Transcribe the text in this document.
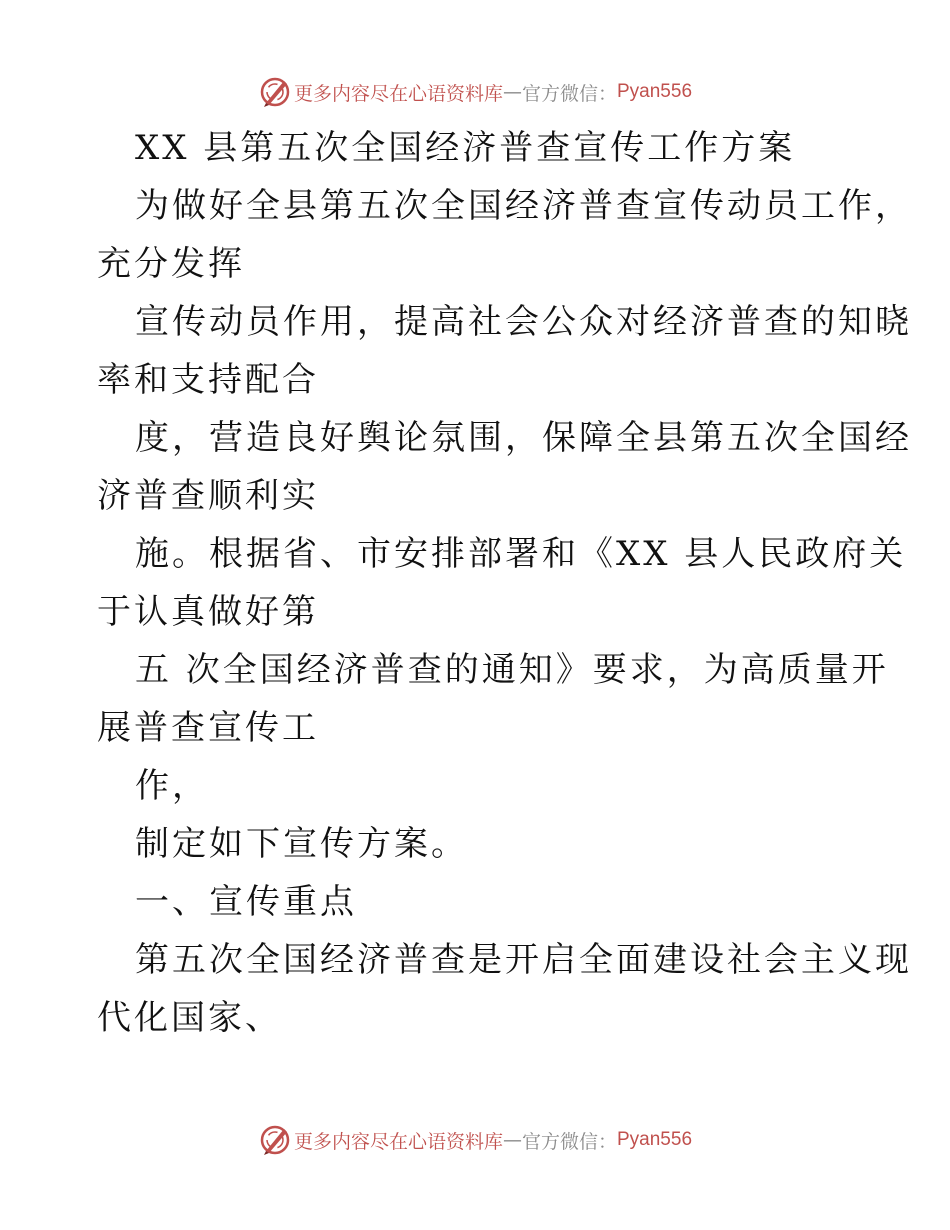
更多内容尽在心语资料库 — 官方微信： Pyan556
XX 县第五次全国经济普查宣传工作方案
为做好全县第五次全国经济普查宣传动员工作，
充分发挥
宣传动员作用，提高社会公众对经济普查的知晓
率和支持配合
度，营造良好舆论氛围，保障全县第五次全国经
济普查顺利实
施。根据省、市安排部署和《XX 县人民政府关
于认真做好第
五 次全国经济普查的通知》要求，为高质量开
展普查宣传工
作，
制定如下宣传方案。
一、宣传重点
第五次全国经济普查是开启全面建设社会主义现
代化国家、
更多内容尽在心语资料库 — 官方微信： Pyan556
